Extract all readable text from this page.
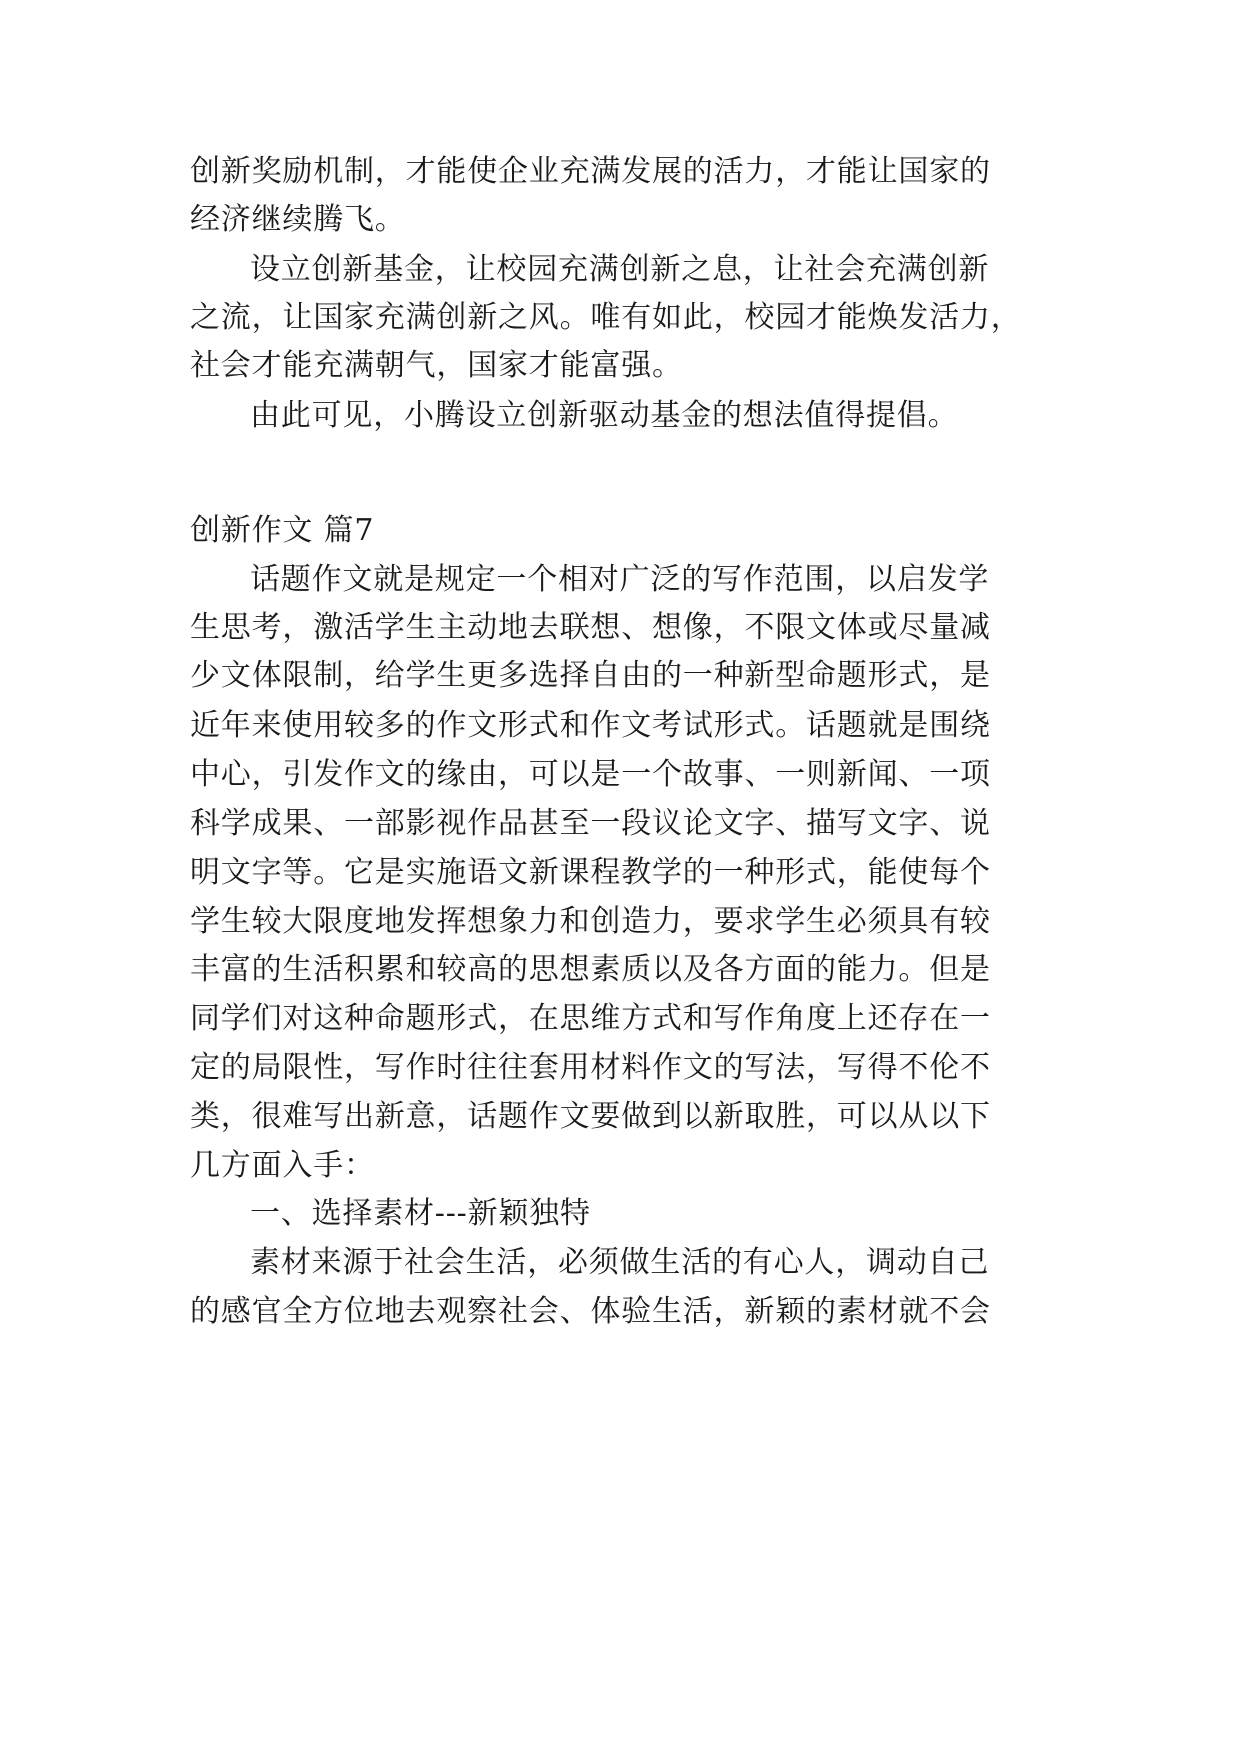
创新奖励机制，才能使企业充满发展的活力，才能让国家的
经济继续腾飞。
设立创新基金，让校园充满创新之息，让社会充满创新
之流，让国家充满创新之风。唯有如此，校园才能焕发活力，
社会才能充满朝气，国家才能富强。
由此可见，小腾设立创新驱动基金的想法值得提倡。
创新作文 篇7
话题作文就是规定一个相对广泛的写作范围，以启发学
生思考，激活学生主动地去联想、想像，不限文体或尽量减
少文体限制，给学生更多选择自由的一种新型命题形式，是
近年来使用较多的作文形式和作文考试形式。话题就是围绕
中心，引发作文的缘由，可以是一个故事、一则新闻、一项
科学成果、一部影视作品甚至一段议论文字、描写文字、说
明文字等。它是实施语文新课程教学的一种形式，能使每个
学生较大限度地发挥想象力和创造力，要求学生必须具有较
丰富的生活积累和较高的思想素质以及各方面的能力。但是
同学们对这种命题形式，在思维方式和写作角度上还存在一
定的局限性，写作时往往套用材料作文的写法，写得不伦不
类，很难写出新意，话题作文要做到以新取胜，可以从以下
几方面入手：
一、选择素材---新颖独特
素材来源于社会生活，必须做生活的有心人，调动自己
的感官全方位地去观察社会、体验生活，新颖的素材就不会
